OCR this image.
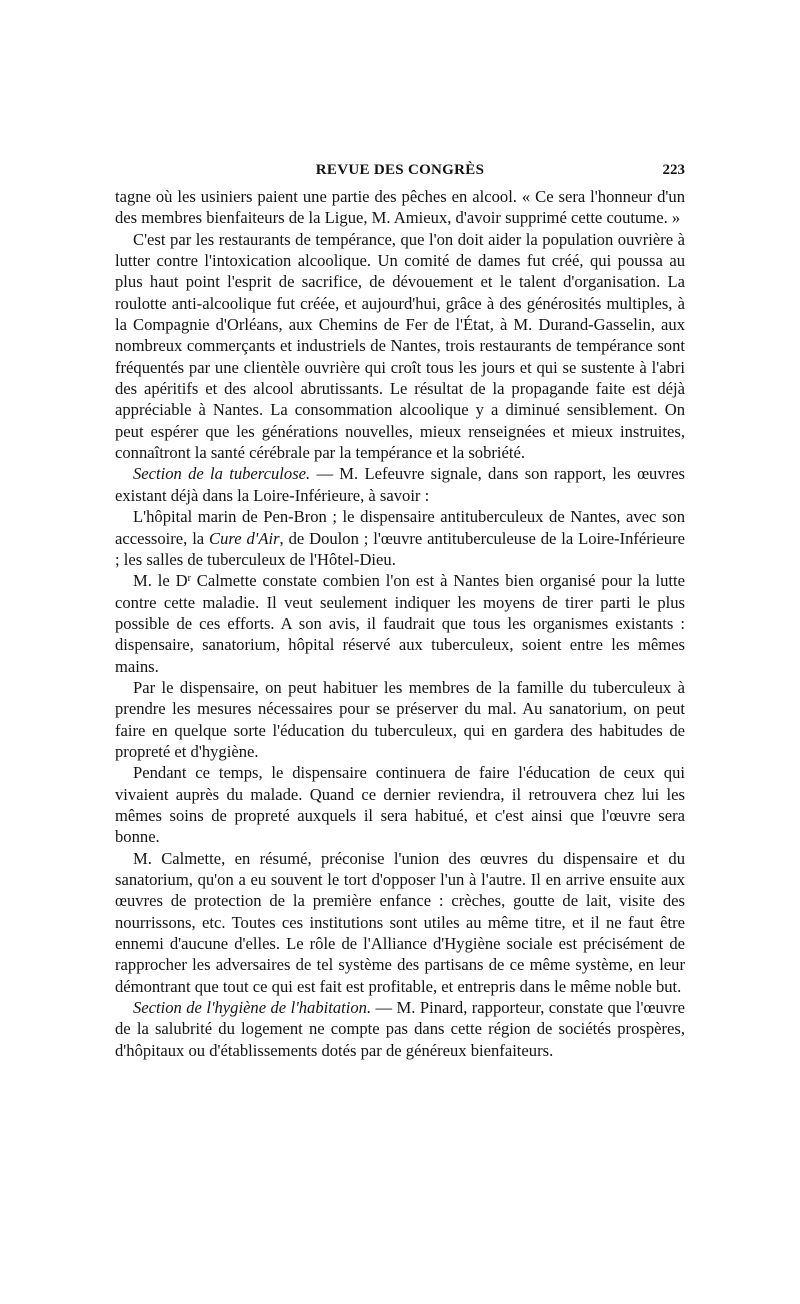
REVUE DES CONGRÈS	223

tagne où les usiniers paient une partie des pêches en alcool. « Ce sera l'honneur d'un des membres bienfaiteurs de la Ligue, M. Amieux, d'avoir supprimé cette coutume. »

C'est par les restaurants de tempérance, que l'on doit aider la population ouvrière à lutter contre l'intoxication alcoolique. Un comité de dames fut créé, qui poussa au plus haut point l'esprit de sacrifice, de dévouement et le talent d'organisation. La roulotte anti-alcoolique fut créée, et aujourd'hui, grâce à des générosités multiples, à la Compagnie d'Orléans, aux Chemins de Fer de l'État, à M. Durand-Gasselin, aux nombreux commerçants et industriels de Nantes, trois restaurants de tempérance sont fréquentés par une clientèle ouvrière qui croît tous les jours et qui se sustente à l'abri des apéritifs et des alcool abrutissants. Le résultat de la propagande faite est déjà appréciable à Nantes. La consommation alcoolique y a diminué sensiblement. On peut espérer que les générations nouvelles, mieux renseignées et mieux instruites, connaîtront la santé cérébrale par la tempérance et la sobriété.

Section de la tuberculose. — M. Lefeuvre signale, dans son rapport, les œuvres existant déjà dans la Loire-Inférieure, à savoir :

L'hôpital marin de Pen-Bron ; le dispensaire antituberculeux de Nantes, avec son accessoire, la Cure d'Air, de Doulon ; l'œuvre antituberculeuse de la Loire-Inférieure ; les salles de tuberculeux de l'Hôtel-Dieu.

M. le $D^r$ Calmette constate combien l'on est à Nantes bien organisé pour la lutte contre cette maladie. Il veut seulement indiquer les moyens de tirer parti le plus possible de ces efforts. A son avis, il faudrait que tous les organismes existants : dispensaire, sanatorium, hôpital réservé aux tuberculeux, soient entre les mêmes mains.

Par le dispensaire, on peut habituer les membres de la famille du tuberculeux à prendre les mesures nécessaires pour se préserver du mal. Au sanatorium, on peut faire en quelque sorte l'éducation du tuberculeux, qui en gardera des habitudes de propreté et d'hygiène.

Pendant ce temps, le dispensaire continuera de faire l'éducation de ceux qui vivaient auprès du malade. Quand ce dernier reviendra, il retrouvera chez lui les mêmes soins de propreté auxquels il sera habitué, et c'est ainsi que l'œuvre sera bonne.

M. Calmette, en résumé, préconise l'union des œuvres du dispensaire et du sanatorium, qu'on a eu souvent le tort d'opposer l'un à l'autre. Il en arrive ensuite aux œuvres de protection de la première enfance : crèches, goutte de lait, visite des nourrissons, etc. Toutes ces institutions sont utiles au même titre, et il ne faut être ennemi d'aucune d'elles. Le rôle de l'Alliance d'Hygiène sociale est précisément de rapprocher les adversaires de tel système des partisans de ce même système, en leur démontrant que tout ce qui est fait est profitable, et entrepris dans le même noble but.

Section de l'hygiène de l'habitation. — M. Pinard, rapporteur, constate que l'œuvre de la salubrité du logement ne compte pas dans cette région de sociétés prospères, d'hôpitaux ou d'établissements dotés par de généreux bienfaiteurs.
